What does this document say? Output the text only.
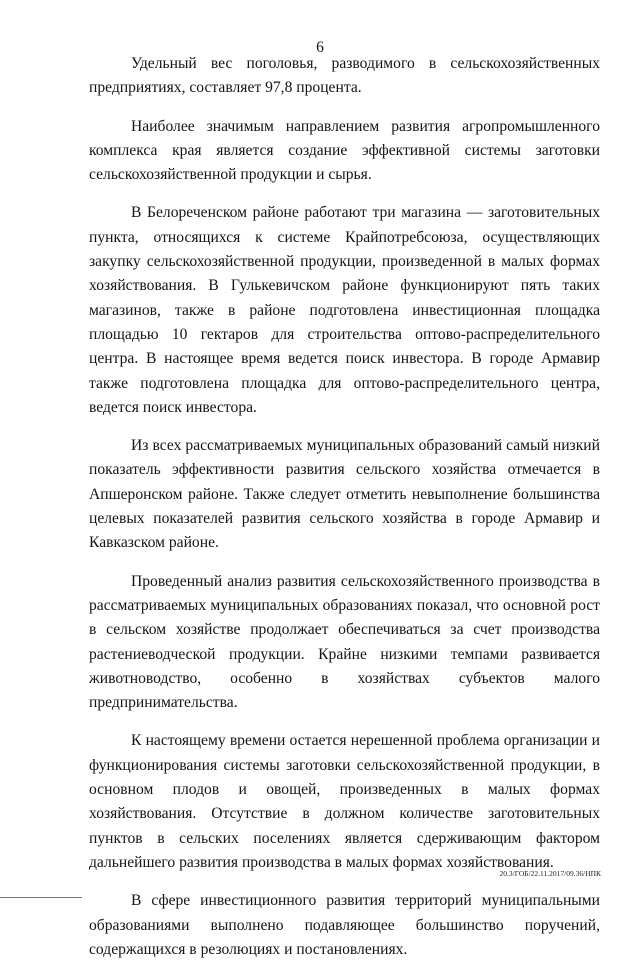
6

Удельный вес поголовья, разводимого в сельскохозяйственных предприятиях, составляет 97,8 процента.

Наиболее значимым направлением развития агропромышленного комплекса края является создание эффективной системы заготовки сельскохозяйственной продукции и сырья.

В Белореченском районе работают три магазина — заготовительных пункта, относящихся к системе Крайпотребсоюза, осуществляющих закупку сельскохозяйственной продукции, произведенной в малых формах хозяйствования. В Гулькевичском районе функционируют пять таких магазинов, также в районе подготовлена инвестиционная площадка площадью 10 гектаров для строительства оптово-распределительного центра. В настоящее время ведется поиск инвестора. В городе Армавир также подготовлена площадка для оптово-распределительного центра, ведется поиск инвестора.

Из всех рассматриваемых муниципальных образований самый низкий показатель эффективности развития сельского хозяйства отмечается в Апшеронском районе. Также следует отметить невыполнение большинства целевых показателей развития сельского хозяйства в городе Армавир и Кавказском районе.

Проведенный анализ развития сельскохозяйственного производства в рассматриваемых муниципальных образованиях показал, что основной рост в сельском хозяйстве продолжает обеспечиваться за счет производства растениеводческой продукции. Крайне низкими темпами развивается животноводство, особенно в хозяйствах субъектов малого предпринимательства.

К настоящему времени остается нерешенной проблема организации и функционирования системы заготовки сельскохозяйственной продукции, в основном плодов и овощей, произведенных в малых формах хозяйствования. Отсутствие в должном количестве заготовительных пунктов в сельских поселениях является сдерживающим фактором дальнейшего развития производства в малых формах хозяйствования.

В сфере инвестиционного развития территорий муниципальными образованиями выполнено подавляющее большинство поручений, содержащихся в резолюциях и постановлениях.

20.3/ГОБ/22.11.2017/09.36/НПК
